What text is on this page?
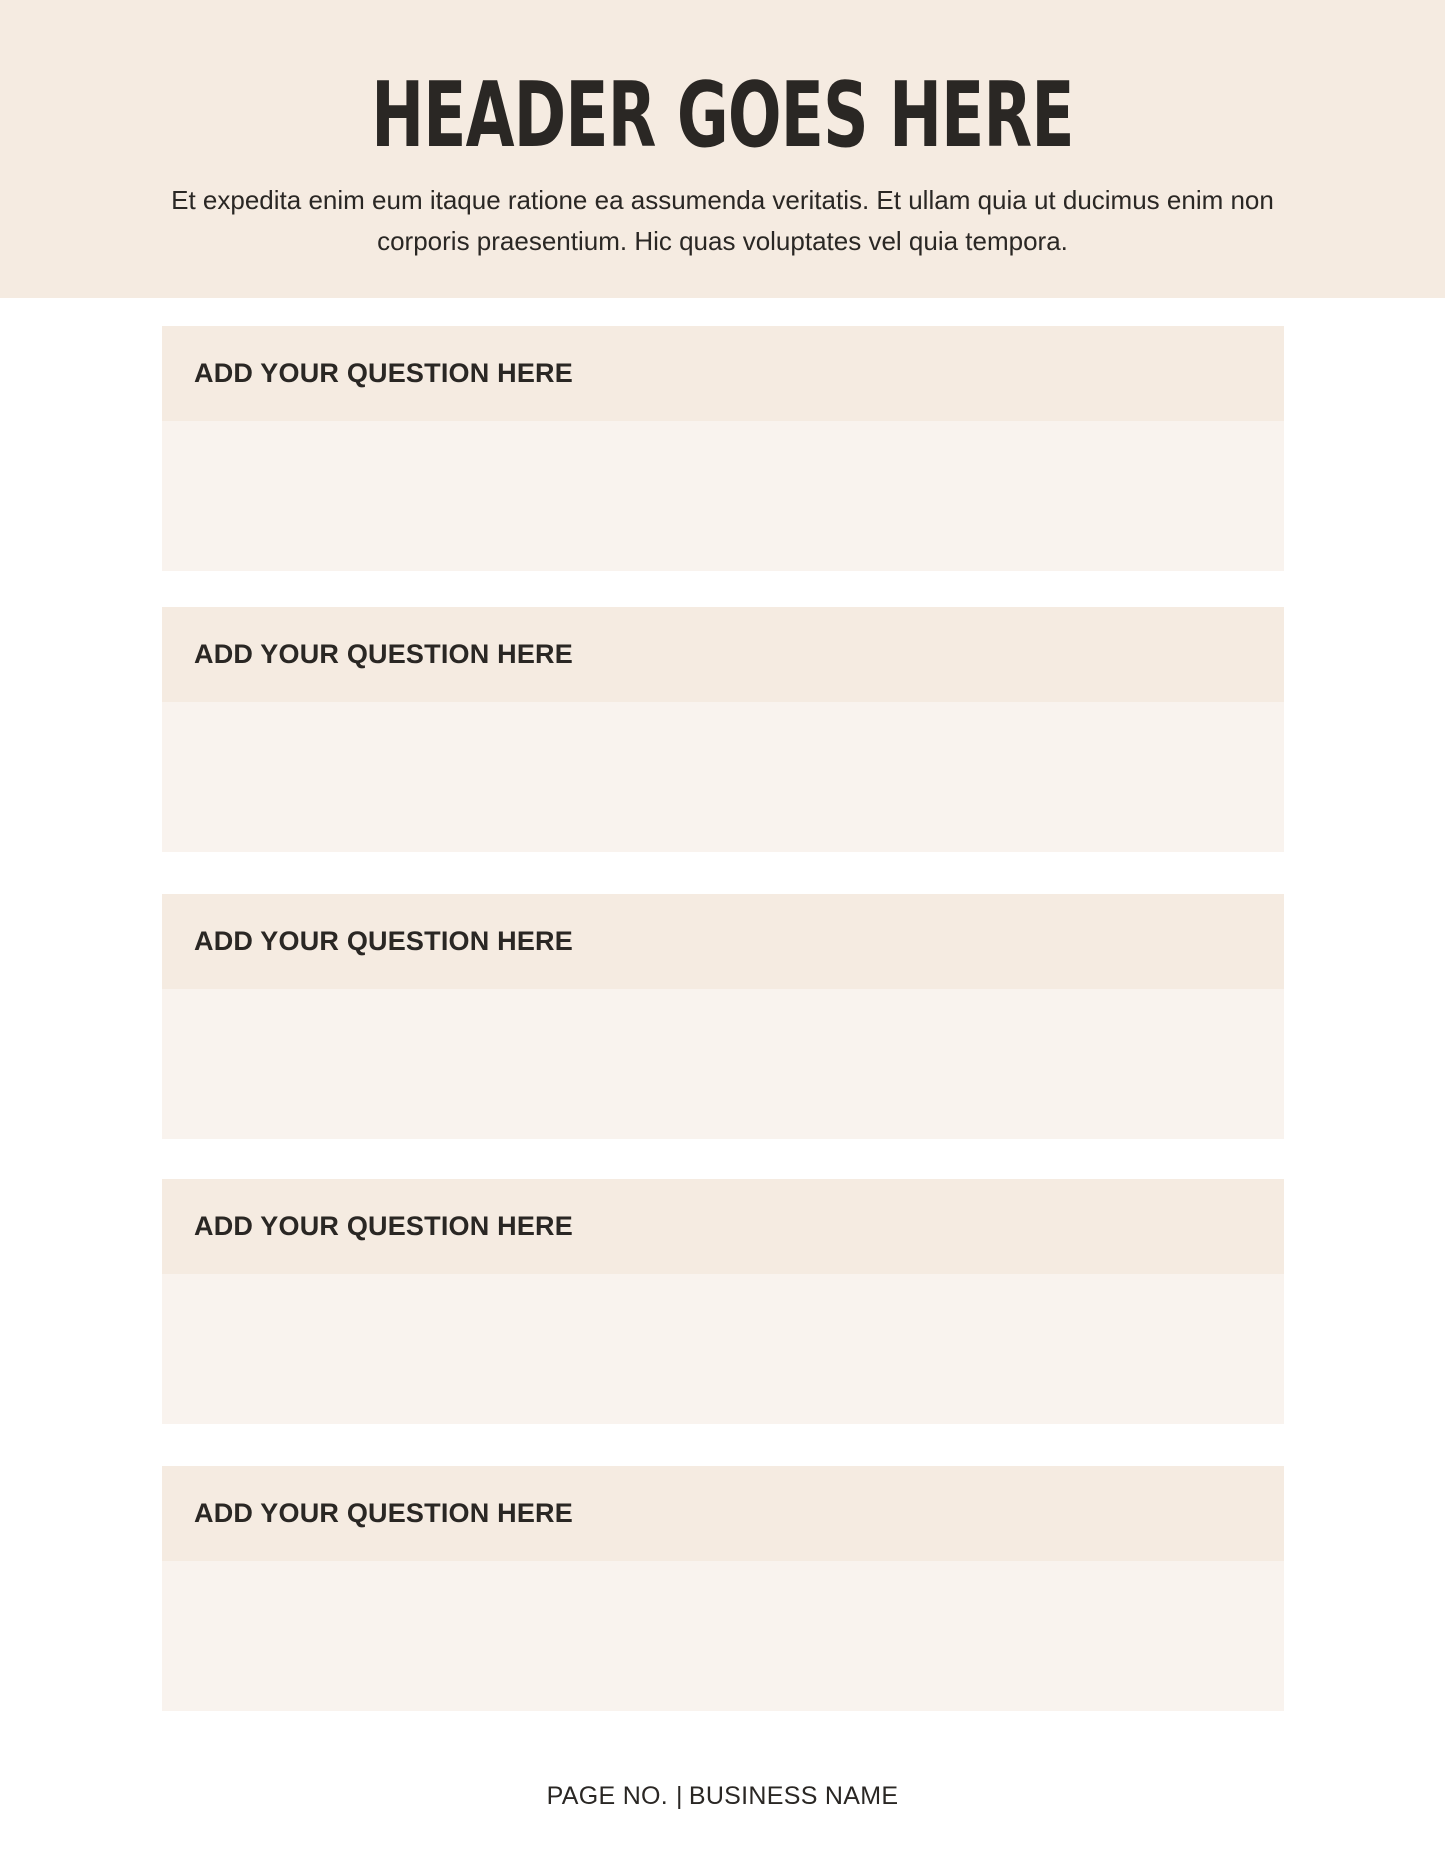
HEADER GOES HERE

Et expedita enim eum itaque ratione ea assumenda veritatis. Et ullam quia ut ducimus enim non corporis praesentium. Hic quas voluptates vel quia tempora.

ADD YOUR QUESTION HERE
ADD YOUR QUESTION HERE
ADD YOUR QUESTION HERE
ADD YOUR QUESTION HERE
ADD YOUR QUESTION HERE
PAGE NO. | BUSINESS NAME
